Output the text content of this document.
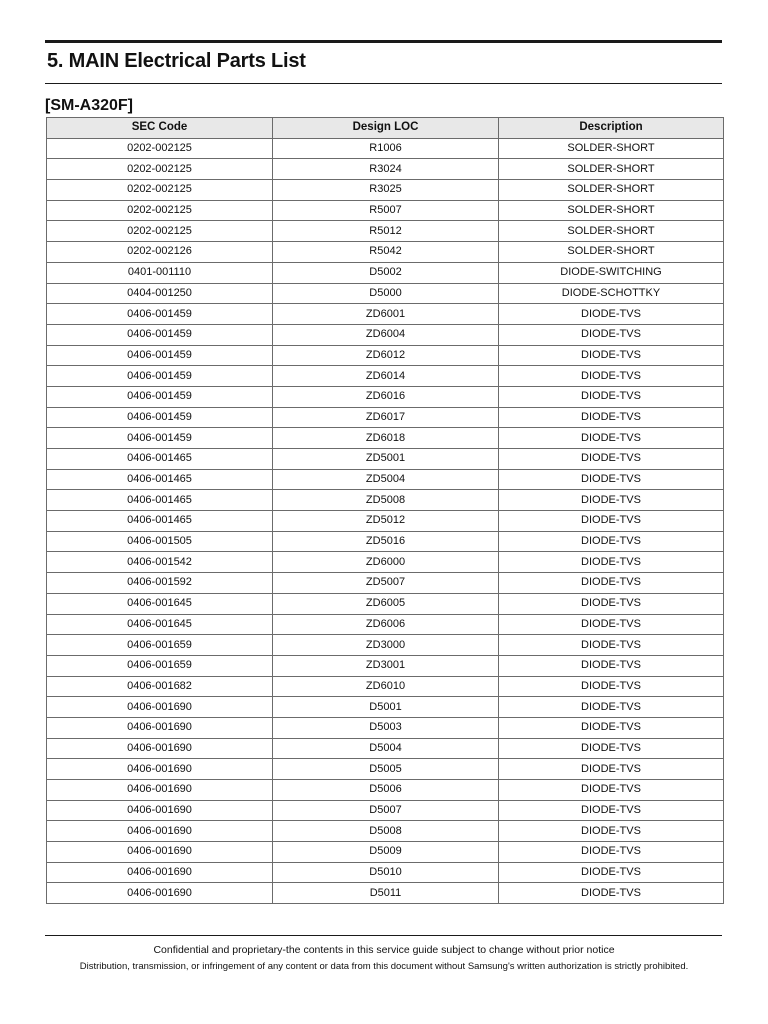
5. MAIN Electrical Parts List
[SM-A320F]
SEC Code	Design LOC	Description
0202-002125	R1006	SOLDER-SHORT
0202-002125	R3024	SOLDER-SHORT
0202-002125	R3025	SOLDER-SHORT
0202-002125	R5007	SOLDER-SHORT
0202-002125	R5012	SOLDER-SHORT
0202-002126	R5042	SOLDER-SHORT
0401-001110	D5002	DIODE-SWITCHING
0404-001250	D5000	DIODE-SCHOTTKY
0406-001459	ZD6001	DIODE-TVS
0406-001459	ZD6004	DIODE-TVS
0406-001459	ZD6012	DIODE-TVS
0406-001459	ZD6014	DIODE-TVS
0406-001459	ZD6016	DIODE-TVS
0406-001459	ZD6017	DIODE-TVS
0406-001459	ZD6018	DIODE-TVS
0406-001465	ZD5001	DIODE-TVS
0406-001465	ZD5004	DIODE-TVS
0406-001465	ZD5008	DIODE-TVS
0406-001465	ZD5012	DIODE-TVS
0406-001505	ZD5016	DIODE-TVS
0406-001542	ZD6000	DIODE-TVS
0406-001592	ZD5007	DIODE-TVS
0406-001645	ZD6005	DIODE-TVS
0406-001645	ZD6006	DIODE-TVS
0406-001659	ZD3000	DIODE-TVS
0406-001659	ZD3001	DIODE-TVS
0406-001682	ZD6010	DIODE-TVS
0406-001690	D5001	DIODE-TVS
0406-001690	D5003	DIODE-TVS
0406-001690	D5004	DIODE-TVS
0406-001690	D5005	DIODE-TVS
0406-001690	D5006	DIODE-TVS
0406-001690	D5007	DIODE-TVS
0406-001690	D5008	DIODE-TVS
0406-001690	D5009	DIODE-TVS
0406-001690	D5010	DIODE-TVS
0406-001690	D5011	DIODE-TVS
Confidential and proprietary-the contents in this service guide subject to change without prior notice
Distribution, transmission, or infringement of any content or data from this document without Samsung's written authorization is strictly prohibited.
